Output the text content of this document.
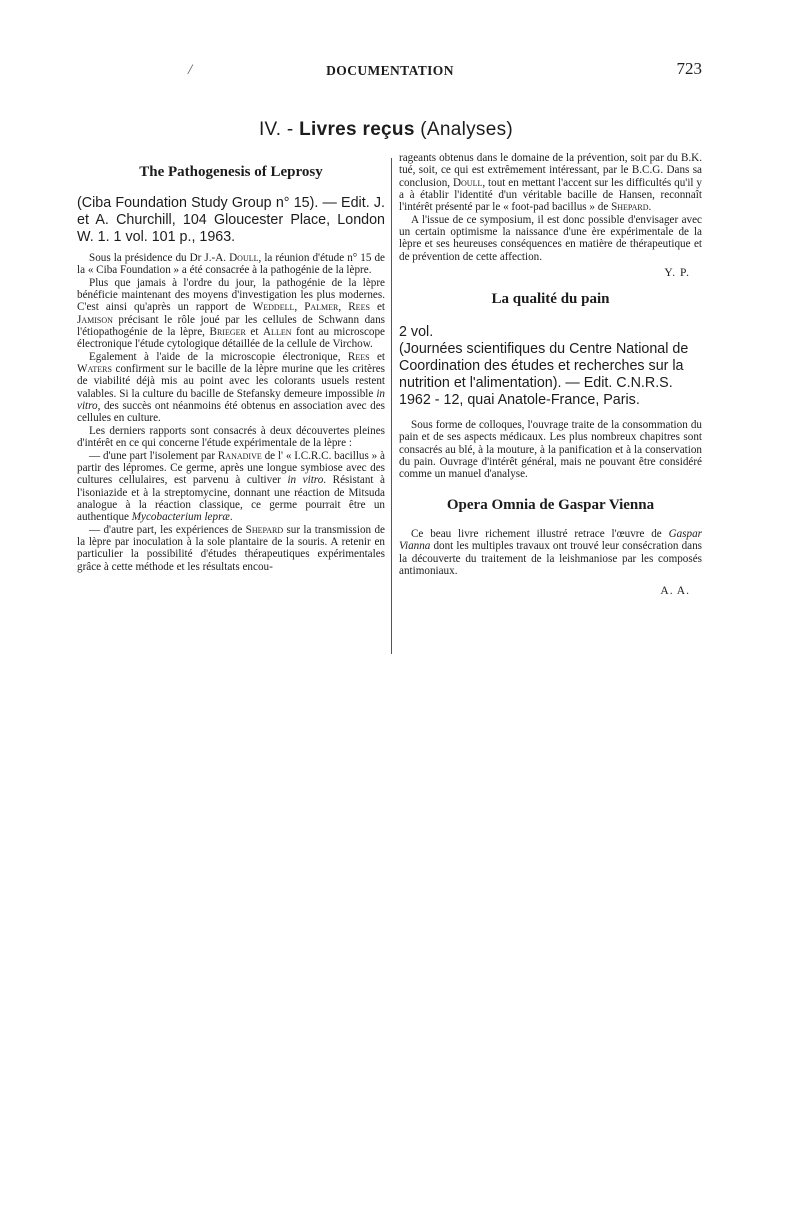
/	DOCUMENTATION	723
IV. - Livres reçus (Analyses)
The Pathogenesis of Leprosy

(Ciba Foundation Study Group n° 15). — Edit. J. et A. Churchill, 104 Gloucester Place, London W. 1. 1 vol. 101 p., 1963.

Sous la présidence du Dr J.-A. Doull, la réunion d'étude n° 15 de la « Ciba Foundation » a été consacrée à la pathogénie de la lèpre.

Plus que jamais à l'ordre du jour, la pathogénie de la lèpre bénéficie maintenant des moyens d'investigation les plus modernes. C'est ainsi qu'après un rapport de Weddell, Palmer, Rees et Jamison précisant le rôle joué par les cellules de Schwann dans l'étiopathogénie de la lèpre, Brieger et Allen font au microscope électronique l'étude cytologique détaillée de la cellule de Virchow.

Egalement à l'aide de la microscopie électronique, Rees et Waters confirment sur le bacille de la lèpre murine que les critères de viabilité déjà mis au point avec les colorants usuels restent valables. Si la culture du bacille de Stefansky demeure impossible in vitro, des succès ont néanmoins été obtenus en association avec des cellules en culture.

Les derniers rapports sont consacrés à deux découvertes pleines d'intérêt en ce qui concerne l'étude expérimentale de la lèpre :

— d'une part l'isolement par Ranadive de l' « I.C.R.C. bacillus » à partir des lépromes. Ce germe, après une longue symbiose avec des cultures cellulaires, est parvenu à cultiver in vitro. Résistant à l'isoniazide et à la streptomycine, donnant une réaction de Mitsuda analogue à la réaction classique, ce germe pourrait être un authentique Mycobacterium lepræ.

— d'autre part, les expériences de Shepard sur la transmission de la lèpre par inoculation à la sole plantaire de la souris. A retenir en particulier la possibilité d'études thérapeutiques expérimentales grâce à cette méthode et les résultats encou-

rageants obtenus dans le domaine de la prévention, soit par du B.K. tué, soit, ce qui est extrêmement intéressant, par le B.C.G. Dans sa conclusion, Doull, tout en mettant l'accent sur les difficultés qu'il y a à établir l'identité d'un véritable bacille de Hansen, reconnaît l'intérêt présenté par le « foot-pad bacillus » de Shepard.

A l'issue de ce symposium, il est donc possible d'envisager avec un certain optimisme la naissance d'une ère expérimentale de la lèpre et ses heureuses conséquences en matière de thérapeutique et de prévention de cette affection.

Y. P.
La qualité du pain

2 vol.

(Journées scientifiques du Centre National de Coordination des études et recherches sur la nutrition et l'alimentation). — Edit. C.N.R.S. 1962 - 12, quai Anatole-France, Paris.

Sous forme de colloques, l'ouvrage traite de la consommation du pain et de ses aspects médicaux. Les plus nombreux chapitres sont consacrés au blé, à la mouture, à la panification et à la conservation du pain. Ouvrage d'intérêt général, mais ne pouvant être considéré comme un manuel d'analyse.

Opera Omnia de Gaspar Vienna

Ce beau livre richement illustré retrace l'œuvre de Gaspar Vianna dont les multiples travaux ont trouvé leur consécration dans la découverte du traitement de la leishmaniose par les composés antimoniaux.

A. A.
